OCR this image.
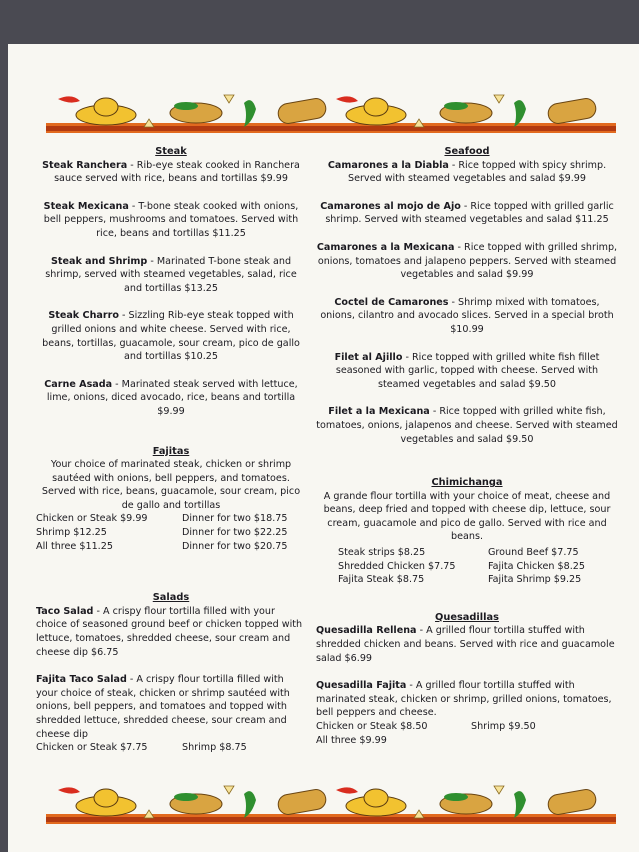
Steak

Steak Ranchera - Rib-eye steak cooked in Ranchera sauce served with rice, beans and tortillas $9.99

Steak Mexicana - T-bone steak cooked with onions, bell peppers, mushrooms and tomatoes. Served with rice, beans and tortillas $11.25

Steak and Shrimp - Marinated T-bone steak and shrimp, served with steamed vegetables, salad, rice and tortillas $13.25

Steak Charro - Sizzling Rib-eye steak topped with grilled onions and white cheese. Served with rice, beans, tortillas, guacamole, sour cream, pico de gallo and tortillas $10.25

Carne Asada - Marinated steak served with lettuce, lime, onions, diced avocado, rice, beans and tortilla $9.99

Fajitas

Your choice of marinated steak, chicken or shrimp sautéed with onions, bell peppers, and tomatoes. Served with rice, beans, guacamole, sour cream, pico de gallo and tortillas

Chicken or Steak $9.99	Dinner for two $18.75
Shrimp $12.25	Dinner for two $22.25
All three $11.25	Dinner for two $20.75
Salads

Taco Salad - A crispy flour tortilla filled with your choice of seasoned ground beef or chicken topped with lettuce, tomatoes, shredded cheese, sour cream and cheese dip $6.75

Fajita Taco Salad - A crispy flour tortilla filled with your choice of steak, chicken or shrimp sautéed with onions, bell peppers, and tomatoes and topped with shredded lettuce, shredded cheese, sour cream and cheese dip

Chicken or Steak $7.75	Shrimp $8.75
Seafood

Camarones a la Diabla - Rice topped with spicy shrimp. Served with steamed vegetables and salad $9.99

Camarones al mojo de Ajo - Rice topped with grilled garlic shrimp. Served with steamed vegetables and salad $11.25

Camarones a la Mexicana - Rice topped with grilled shrimp, onions, tomatoes and jalapeno peppers. Served with steamed vegetables and salad $9.99

Coctel de Camarones - Shrimp mixed with tomatoes, onions, cilantro and avocado slices. Served in a special broth $10.99

Filet al Ajillo - Rice topped with grilled white fish fillet seasoned with garlic, topped with cheese. Served with steamed vegetables and salad $9.50

Filet a la Mexicana - Rice topped with grilled white fish, tomatoes, onions, jalapenos and cheese. Served with steamed vegetables and salad $9.50

Chimichanga

A grande flour tortilla with your choice of meat, cheese and beans, deep fried and topped with cheese dip, lettuce, sour cream, guacamole and pico de gallo. Served with rice and beans.

Steak strips $8.25	Ground Beef $7.75
Shredded Chicken $7.75	Fajita Chicken $8.25
Fajita Steak $8.75	Fajita Shrimp $9.25
Quesadillas

Quesadilla Rellena - A grilled flour tortilla stuffed with shredded chicken and beans. Served with rice and guacamole salad $6.99

Quesadilla Fajita - A grilled flour tortilla stuffed with marinated steak, chicken or shrimp, grilled onions, tomatoes, bell peppers and cheese.

Chicken or Steak $8.50	Shrimp $9.50
All three $9.99
